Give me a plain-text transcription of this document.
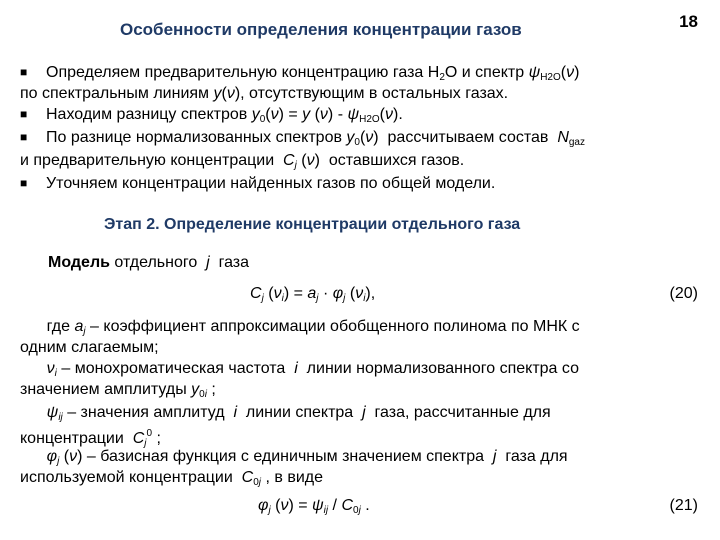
Особенности определения концентрации газов	18
■ Определяем предварительную концентрацию газа $H_2O$ и спектр $\psi_{H2O}(\nu)$
по спектральным линиям y(ν), отсутствующим в остальных газах.
■ Находим разницу спектров $y_0(\nu) = y$ $(\nu) - \psi_{H2O}(\nu)$.
■ По разнице нормализованных спектров $y_0(\nu)$  рассчитываем состав  $N_{gaz}$
и предварительную концентрации  $C_j$ (ν)  оставшихся газов.
■ Уточняем концентрации найденных газов по общей модели.
Этап 2. Определение концентрации отдельного газа
Модель отдельного  j  газа
$C_j$ $(\nu_i) = a_j \cdot \varphi_j$ $(\nu_i)$,	(20)
где $a_j$ – коэффициент аппроксимации обобщенного полинома по МНК с
одним слагаемым;
$\nu_i$ – монохроматическая частота  i  линии нормализованного спектра со
значением амплитуды $y_{0i}$ ;
$\psi_{ij}$ – значения амплитуд  i  линии спектра  j  газа, рассчитанные для
концентрации  $C_j^0$ ;
$\varphi_j$ (ν) – базисная функция с единичным значением спектра  j  газа для
используемой концентрации  $C_{0j}$ , в виде
$\varphi_j$ $(\nu) = \psi_{ij} / C_{0j}$ .	(21)
